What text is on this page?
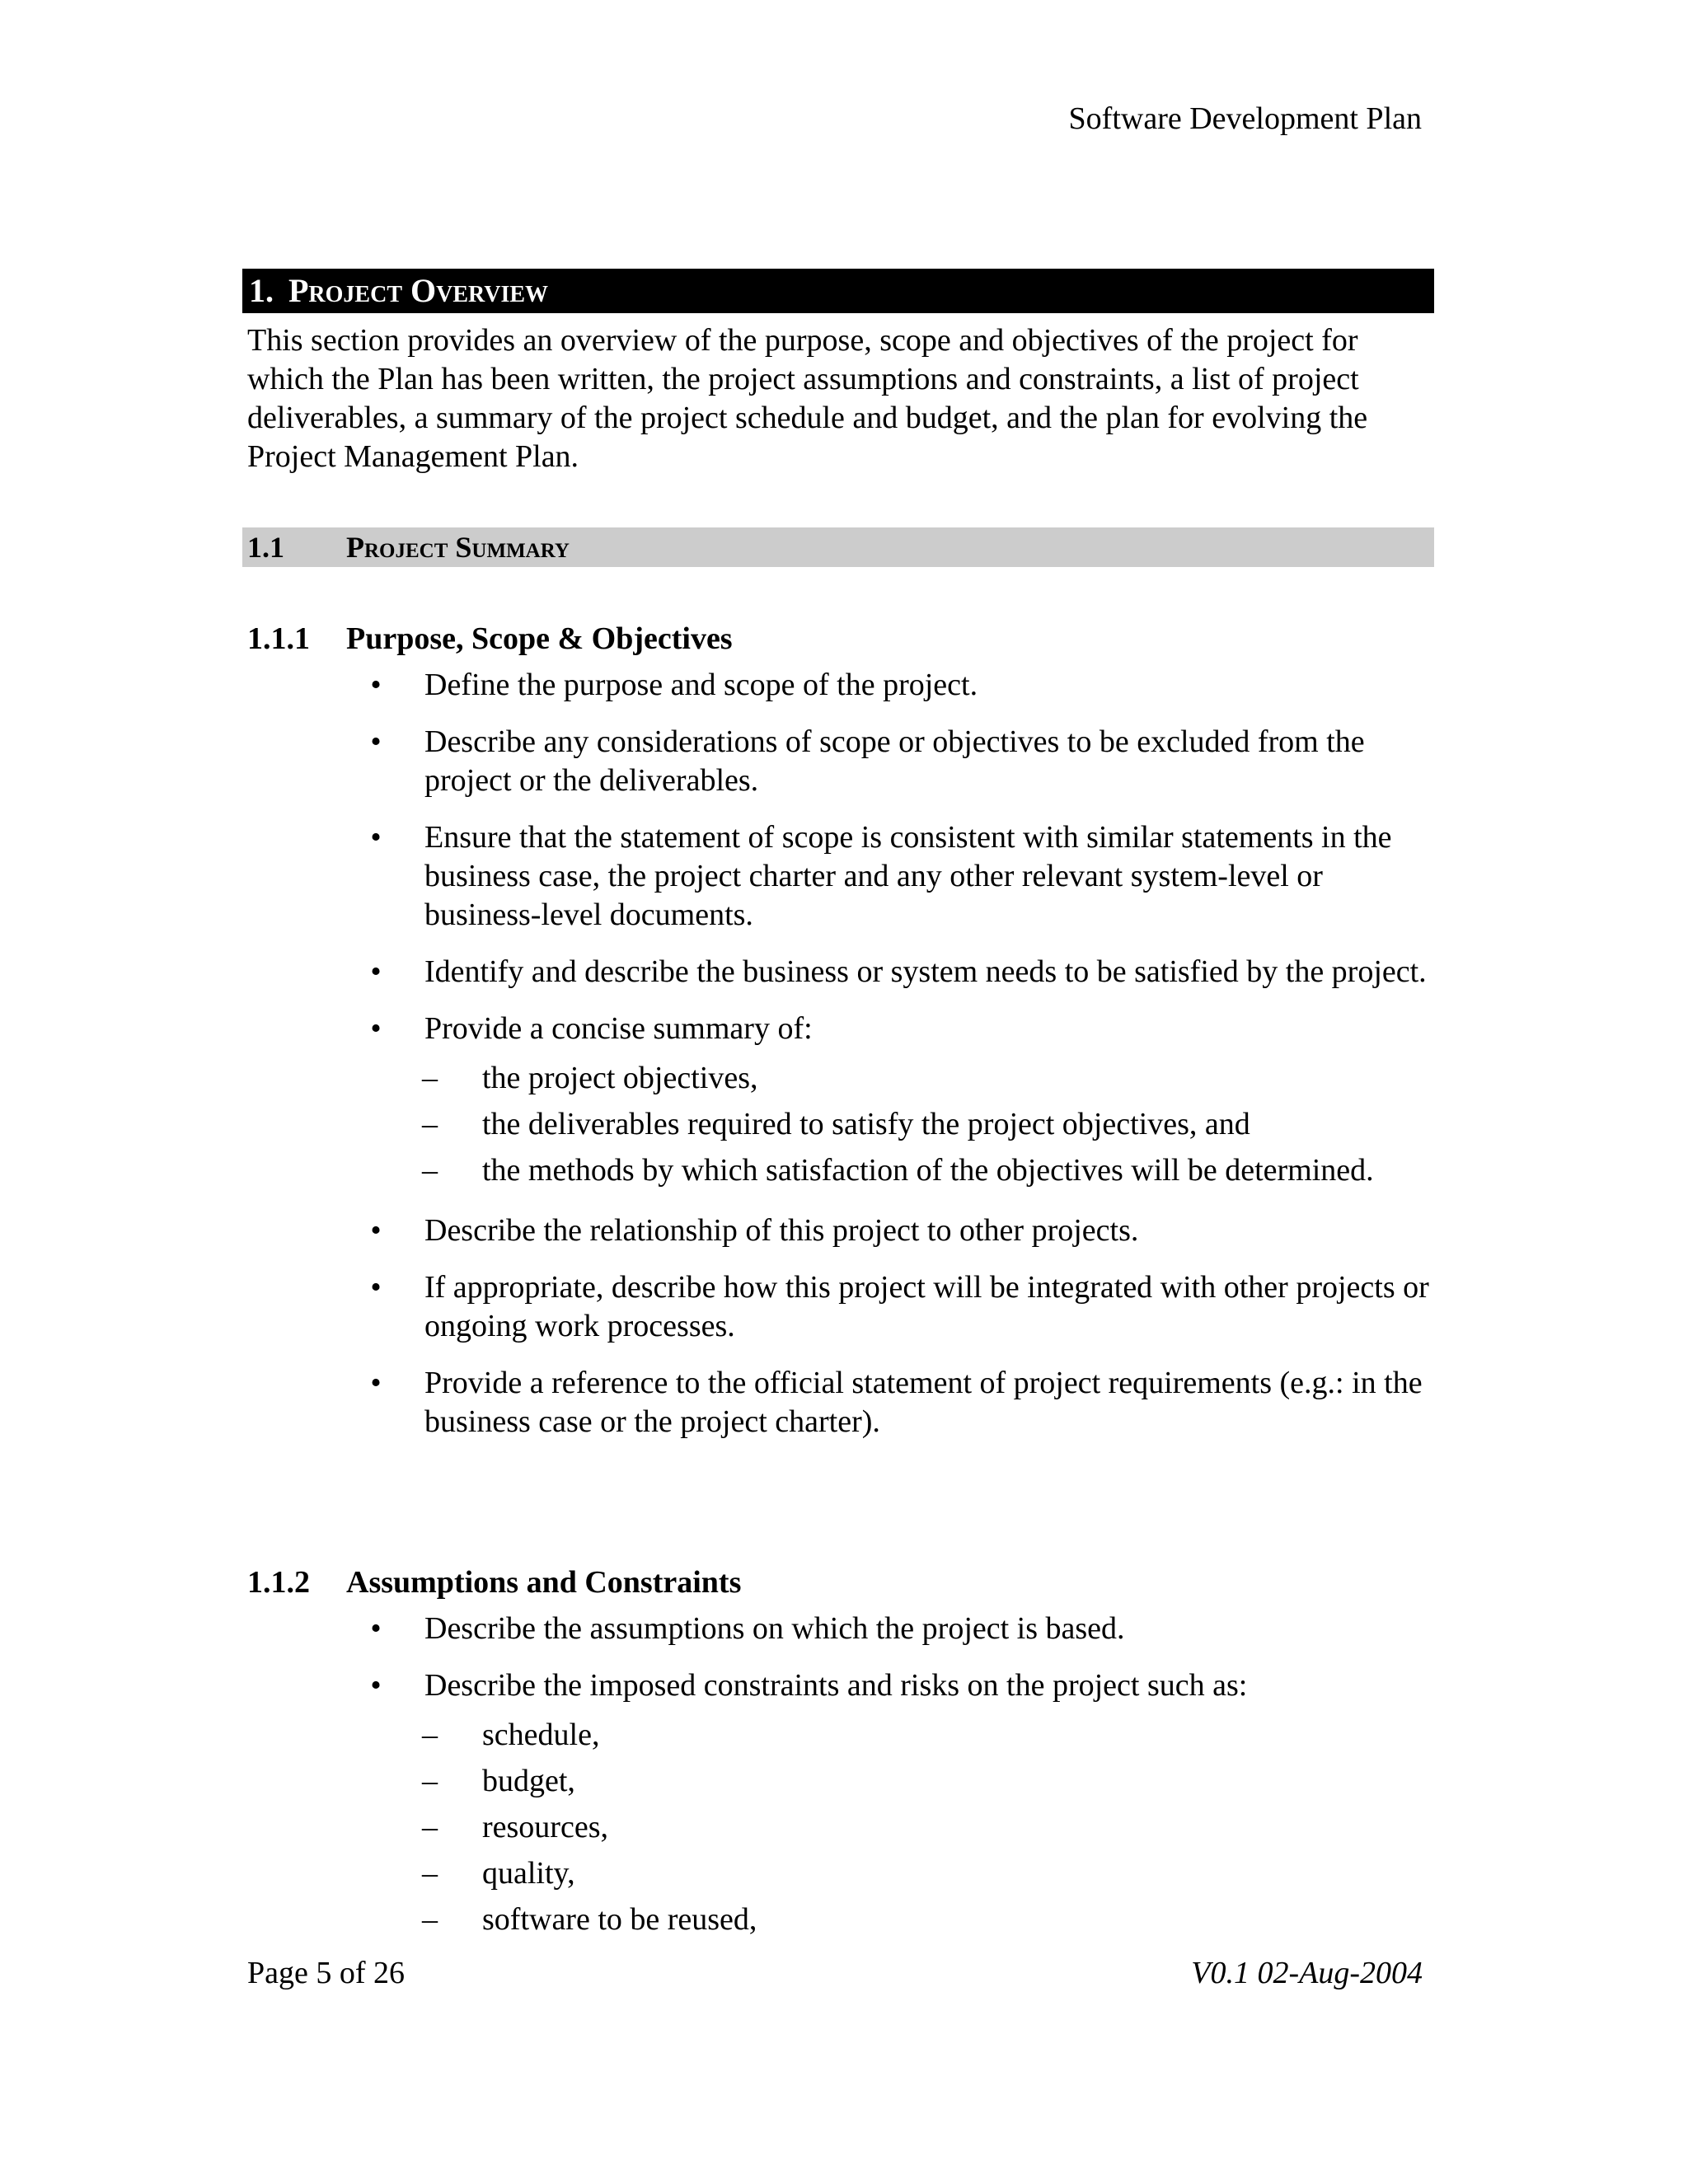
Software Development Plan
1. Project Overview

This section provides an overview of the purpose, scope and objectives of the project for which the Plan has been written, the project assumptions and constraints, a list of project deliverables, a summary of the project schedule and budget, and the plan for evolving the Project Management Plan.

1.1 Project Summary
1.1.1 Purpose, Scope & Objectives
• Define the purpose and scope of the project.
• Describe any considerations of scope or objectives to be excluded from the project or the deliverables.
• Ensure that the statement of scope is consistent with similar statements in the business case, the project charter and any other relevant system-level or business-level documents.
• Identify and describe the business or system needs to be satisfied by the project.
• Provide a concise summary of:
– the project objectives,
– the deliverables required to satisfy the project objectives, and
– the methods by which satisfaction of the objectives will be determined.
• Describe the relationship of this project to other projects.
• If appropriate, describe how this project will be integrated with other projects or ongoing work processes.
• Provide a reference to the official statement of project requirements (e.g.: in the business case or the project charter).
1.1.2 Assumptions and Constraints
• Describe the assumptions on which the project is based.
• Describe the imposed constraints and risks on the project such as:
– schedule,
– budget,
– resources,
– quality,
– software to be reused,
Page 5 of 26	V0.1 02-Aug-2004
